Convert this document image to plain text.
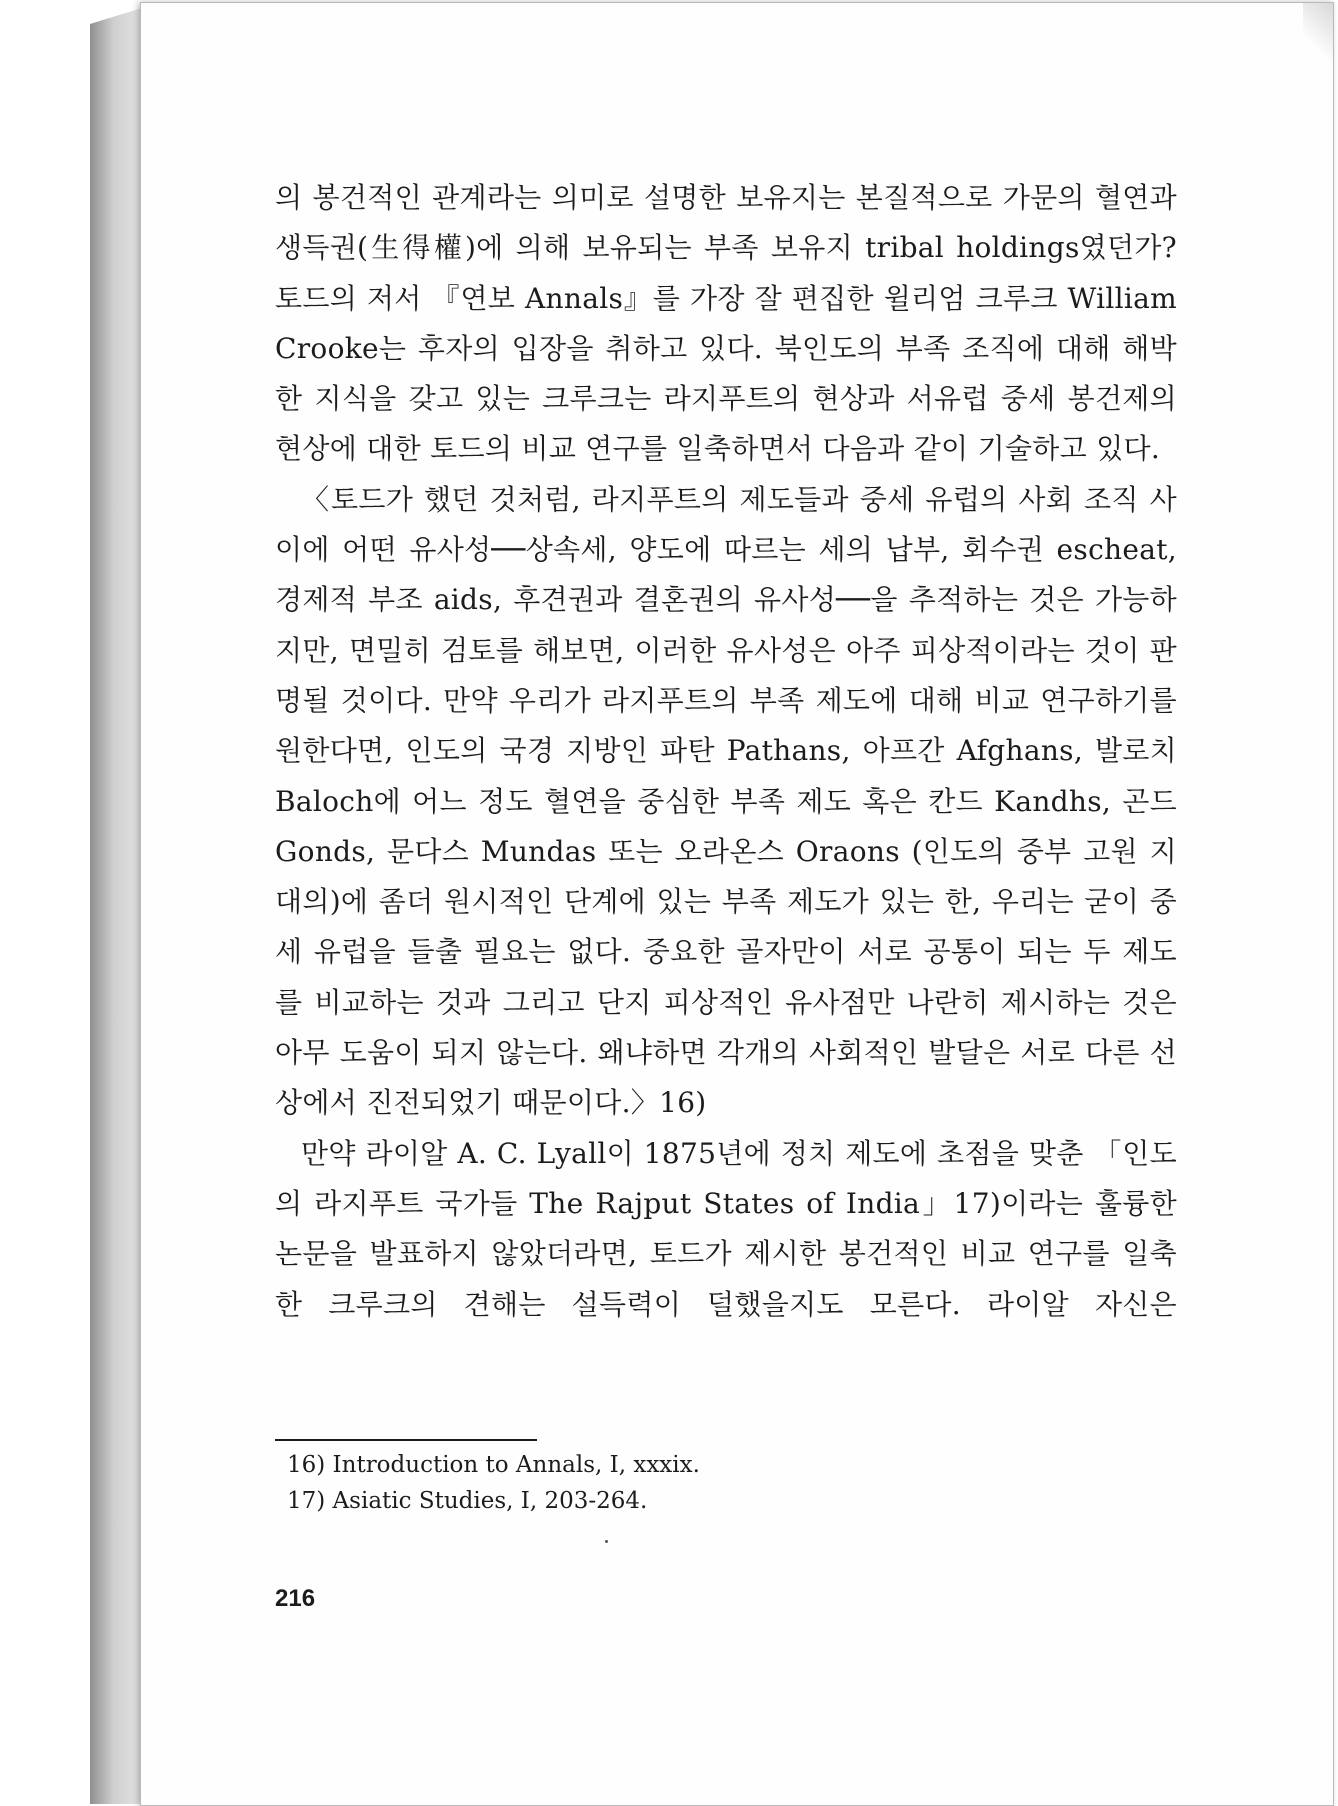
의 봉건적인 관계라는 의미로 설명한 보유지는 본질적으로 가문의 혈연과 생득권(生得權)에 의해 보유되는 부족 보유지 tribal holdings였던가? 토드의 저서 『연보 Annals』를 가장 잘 편집한 윌리엄 크루크 William Crooke는 후자의 입장을 취하고 있다. 북인도의 부족 조직에 대해 해박한 지식을 갖고 있는 크루크는 라지푸트의 현상과 서유럽 중세 봉건제의 현상에 대한 토드의 비교 연구를 일축하면서 다음과 같이 기술하고 있다.

〈토드가 했던 것처럼, 라지푸트의 제도들과 중세 유럽의 사회 조직 사이에 어떤 유사성──상속세, 양도에 따르는 세의 납부, 회수권 escheat, 경제적 부조 aids, 후견권과 결혼권의 유사성──을 추적하는 것은 가능하지만, 면밀히 검토를 해보면, 이러한 유사성은 아주 피상적이라는 것이 판명될 것이다. 만약 우리가 라지푸트의 부족 제도에 대해 비교 연구하기를 원한다면, 인도의 국경 지방인 파탄 Pathans, 아프간 Afghans, 발로치 Baloch에 어느 정도 혈연을 중심한 부족 제도 혹은 칸드 Kandhs, 곤드 Gonds, 문다스 Mundas 또는 오라온스 Oraons (인도의 중부 고원 지대의)에 좀더 원시적인 단계에 있는 부족 제도가 있는 한, 우리는 굳이 중세 유럽을 들출 필요는 없다. 중요한 골자만이 서로 공통이 되는 두 제도를 비교하는 것과 그리고 단지 피상적인 유사점만 나란히 제시하는 것은 아무 도움이 되지 않는다. 왜냐하면 각개의 사회적인 발달은 서로 다른 선상에서 진전되었기 때문이다.〉16)

만약 라이알 A. C. Lyall이 1875년에 정치 제도에 초점을 맞춘 「인도의 라지푸트 국가들 The Rajput States of India」17)이라는 훌륭한 논문을 발표하지 않았더라면, 토드가 제시한 봉건적인 비교 연구를 일축한 크루크의 견해는 설득력이 덜했을지도 모른다. 라이알 자신은

16) Introduction to Annals, Ⅰ, xxxix.

17) Asiatic Studies, Ⅰ, 203-264.

216
